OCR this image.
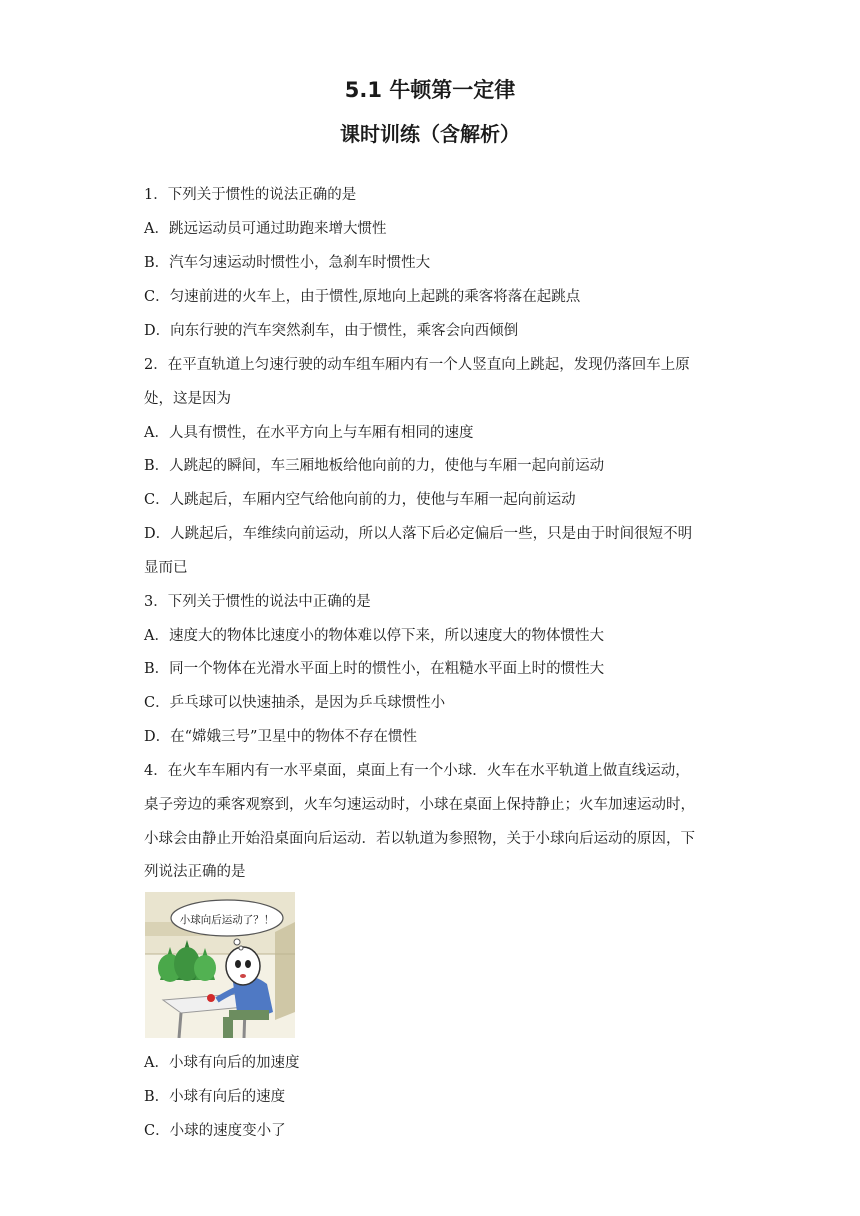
5.1 牛顿第一定律
课时训练（含解析）
1．下列关于惯性的说法正确的是
A．跳远运动员可通过助跑来增大惯性
B．汽车匀速运动时惯性小，急刹车时惯性大
C．匀速前进的火车上，由于惯性,原地向上起跳的乘客将落在起跳点
D．向东行驶的汽车突然刹车，由于惯性，乘客会向西倾倒
2．在平直轨道上匀速行驶的动车组车厢内有一个人竖直向上跳起，发现仍落回车上原
处，这是因为
A．人具有惯性，在水平方向上与车厢有相同的速度
B．人跳起的瞬间，车三厢地板给他向前的力，使他与车厢一起向前运动
C．人跳起后，车厢内空气给他向前的力，使他与车厢一起向前运动
D．人跳起后，车维续向前运动，所以人落下后必定偏后一些，只是由于时间很短不明
显而已
3．下列关于惯性的说法中正确的是
A．速度大的物体比速度小的物体难以停下来，所以速度大的物体惯性大
B．同一个物体在光滑水平面上时的惯性小，在粗糙水平面上时的惯性大
C．乒乓球可以快速抽杀，是因为乒乓球惯性小
D．在“嫦娥三号”卫星中的物体不存在惯性
4．在火车车厢内有一水平桌面，桌面上有一个小球．火车在水平轨道上做直线运动，
桌子旁边的乘客观察到，火车匀速运动时，小球在桌面上保持静止；火车加速运动时，
小球会由静止开始沿桌面向后运动．若以轨道为参照物，关于小球向后运动的原因，下
列说法正确的是
小球向后运动了？！
A．小球有向后的加速度
B．小球有向后的速度
C．小球的速度变小了
